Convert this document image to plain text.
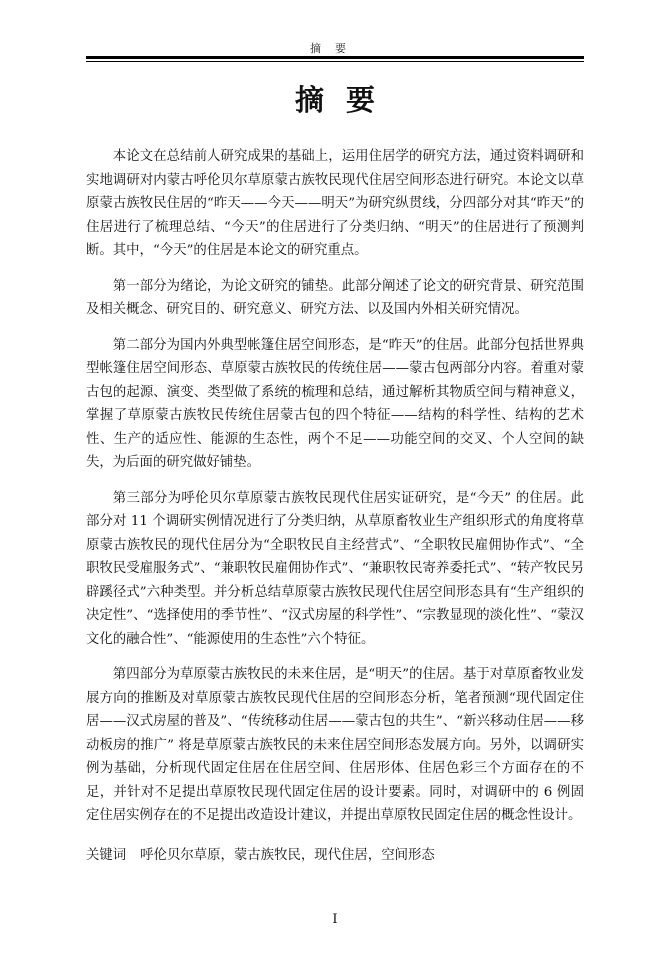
摘要
摘要

本论文在总结前人研究成果的基础上，运用住居学的研究方法，通过资料调研和实地调研对内蒙古呼伦贝尔草原蒙古族牧民现代住居空间形态进行研究。本论文以草原蒙古族牧民住居的“昨天——今天——明天”为研究纵贯线，分四部分对其“昨天”的住居进行了梳理总结、“今天”的住居进行了分类归纳、“明天”的住居进行了预测判断。其中，“今天”的住居是本论文的研究重点。

第一部分为绪论，为论文研究的铺垫。此部分阐述了论文的研究背景、研究范围及相关概念、研究目的、研究意义、研究方法、以及国内外相关研究情况。

第二部分为国内外典型帐篷住居空间形态，是“昨天”的住居。此部分包括世界典型帐篷住居空间形态、草原蒙古族牧民的传统住居——蒙古包两部分内容。着重对蒙古包的起源、演变、类型做了系统的梳理和总结，通过解析其物质空间与精神意义，掌握了草原蒙古族牧民传统住居蒙古包的四个特征——结构的科学性、结构的艺术性、生产的适应性、能源的生态性，两个不足——功能空间的交叉、个人空间的缺失，为后面的研究做好铺垫。

第三部分为呼伦贝尔草原蒙古族牧民现代住居实证研究，是“今天” 的住居。此部分对 11 个调研实例情况进行了分类归纳，从草原畜牧业生产组织形式的角度将草原蒙古族牧民的现代住居分为“全职牧民自主经营式”、“全职牧民雇佣协作式”、“全职牧民受雇服务式”、“兼职牧民雇佣协作式”、“兼职牧民寄养委托式”、“转产牧民另辟蹊径式”六种类型。并分析总结草原蒙古族牧民现代住居空间形态具有“生产组织的决定性”、“选择使用的季节性”、“汉式房屋的科学性”、“宗教显现的淡化性”、“蒙汉文化的融合性”、“能源使用的生态性”六个特征。

第四部分为草原蒙古族牧民的未来住居，是“明天”的住居。基于对草原畜牧业发展方向的推断及对草原蒙古族牧民现代住居的空间形态分析，笔者预测“现代固定住居——汉式房屋的普及”、“传统移动住居——蒙古包的共生”、“新兴移动住居——移动板房的推广” 将是草原蒙古族牧民的未来住居空间形态发展方向。另外，以调研实例为基础，分析现代固定住居在住居空间、住居形体、住居色彩三个方面存在的不足，并针对不足提出草原牧民现代固定住居的设计要素。同时，对调研中的 6 例固定住居实例存在的不足提出改造设计建议，并提出草原牧民固定住居的概念性设计。

关键词 呼伦贝尔草原，蒙古族牧民，现代住居，空间形态
I
